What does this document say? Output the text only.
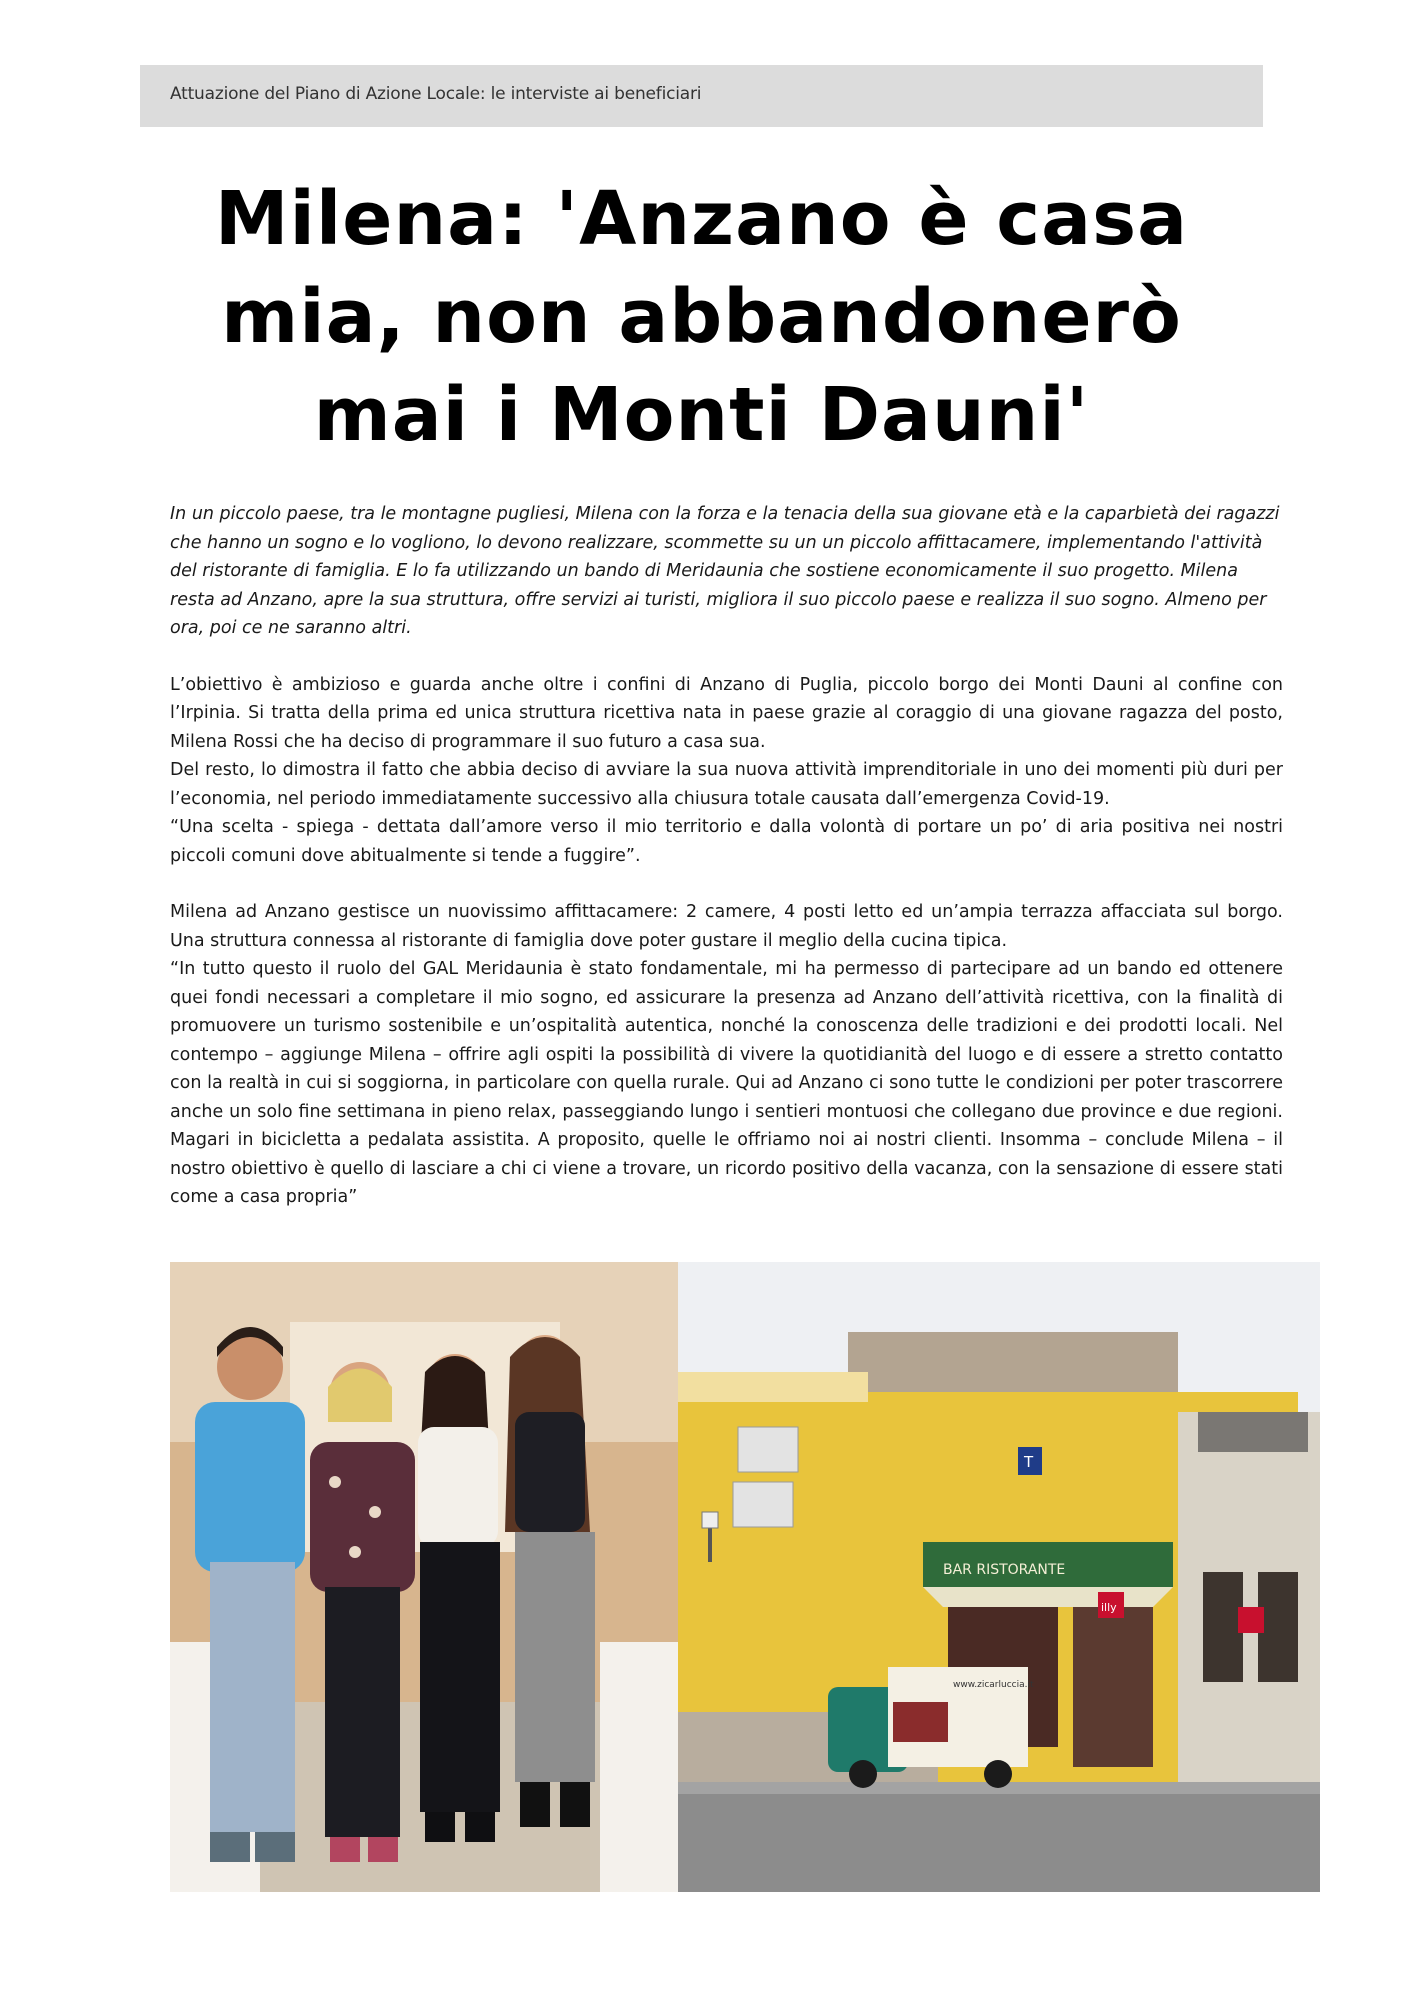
Attuazione del Piano di Azione Locale: le interviste ai beneficiari
Milena: 'Anzano è casa mia, non abbandonerò mai i Monti Dauni'

In un piccolo paese, tra le montagne pugliesi, Milena con la forza e la tenacia della sua giovane età e la caparbietà dei ragazzi che hanno un sogno e lo vogliono, lo devono realizzare, scommette su un un piccolo affittacamere, implementando l'attività del ristorante di famiglia. E lo fa utilizzando un bando di Meridaunia che sostiene economicamente il suo progetto. Milena resta ad Anzano, apre la sua struttura, offre servizi ai turisti, migliora il suo piccolo paese e realizza il suo sogno. Almeno per ora, poi ce ne saranno altri.

L’obiettivo è ambizioso e guarda anche oltre i confini di Anzano di Puglia, piccolo borgo dei Monti Dauni al confine con l’Irpinia. Si tratta della prima ed unica struttura ricettiva nata in paese grazie al coraggio di una giovane ragazza del posto, Milena Rossi che ha deciso di programmare il suo futuro a casa sua.

Del resto, lo dimostra il fatto che abbia deciso di avviare la sua nuova attività imprenditoriale in uno dei momenti più duri per l’economia, nel periodo immediatamente successivo alla chiusura totale causata dall’emergenza Covid-19.

“Una scelta - spiega - dettata dall’amore verso il mio territorio e dalla volontà di portare un po’ di aria positiva nei nostri piccoli comuni dove abitualmente si tende a fuggire”.

Milena ad Anzano gestisce un nuovissimo affittacamere: 2 camere, 4 posti letto ed un’ampia terrazza affacciata sul borgo. Una struttura connessa al ristorante di famiglia dove poter gustare il meglio della cucina tipica.

“In tutto questo il ruolo del GAL Meridaunia è stato fondamentale, mi ha permesso di partecipare ad un bando ed ottenere quei fondi necessari a completare il mio sogno, ed assicurare la presenza ad Anzano dell’attività ricettiva, con la finalità di promuovere un turismo sostenibile e un’ospitalità autentica, nonché la conoscenza delle tradizioni e dei prodotti locali. Nel contempo – aggiunge Milena – offrire agli ospiti la possibilità di vivere la quotidianità del luogo e di essere a stretto contatto con la realtà in cui si soggiorna, in particolare con quella rurale. Qui ad Anzano ci sono tutte le condizioni per poter trascorrere anche un solo fine settimana in pieno relax, passeggiando lungo i sentieri montuosi che collegano due province e due regioni. Magari in bicicletta a pedalata assistita. A proposito, quelle le offriamo noi ai nostri clienti. Insomma – conclude Milena – il nostro obiettivo è quello di lasciare a chi ci viene a trovare, un ricordo positivo della vacanza, con la sensazione di essere stati come a casa propria”

BAR RISTORANTE
illy
T
www.zicarluccia.it
